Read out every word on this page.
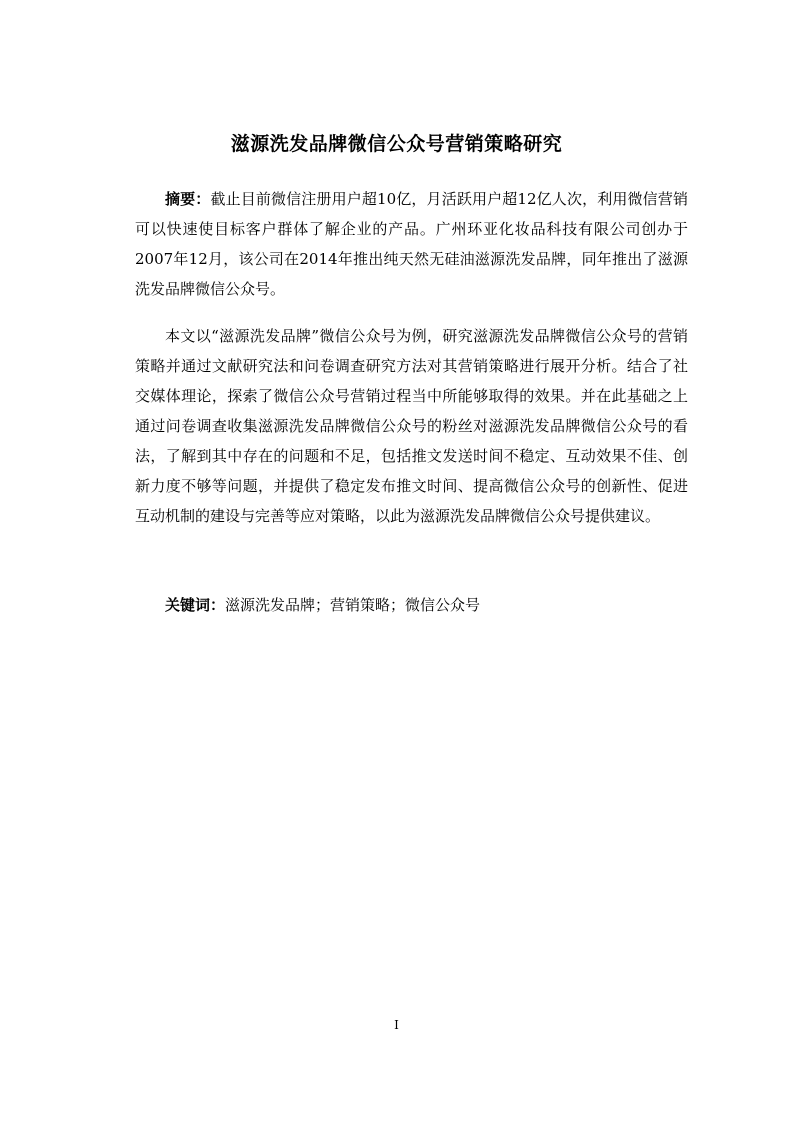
滋源洗发品牌微信公众号营销策略研究

摘要：截止目前微信注册用户超10亿，月活跃用户超12亿人次，利用微信营销可以快速使目标客户群体了解企业的产品。广州环亚化妆品科技有限公司创办于2007年12月，该公司在2014年推出纯天然无硅油滋源洗发品牌，同年推出了滋源洗发品牌微信公众号。

本文以“滋源洗发品牌”微信公众号为例，研究滋源洗发品牌微信公众号的营销策略并通过文献研究法和问卷调查研究方法对其营销策略进行展开分析。结合了社交媒体理论，探索了微信公众号营销过程当中所能够取得的效果。并在此基础之上通过问卷调查收集滋源洗发品牌微信公众号的粉丝对滋源洗发品牌微信公众号的看法，了解到其中存在的问题和不足，包括推文发送时间不稳定、互动效果不佳、创新力度不够等问题，并提供了稳定发布推文时间、提高微信公众号的创新性、促进互动机制的建设与完善等应对策略，以此为滋源洗发品牌微信公众号提供建议。

关键词：滋源洗发品牌；营销策略；微信公众号

I
